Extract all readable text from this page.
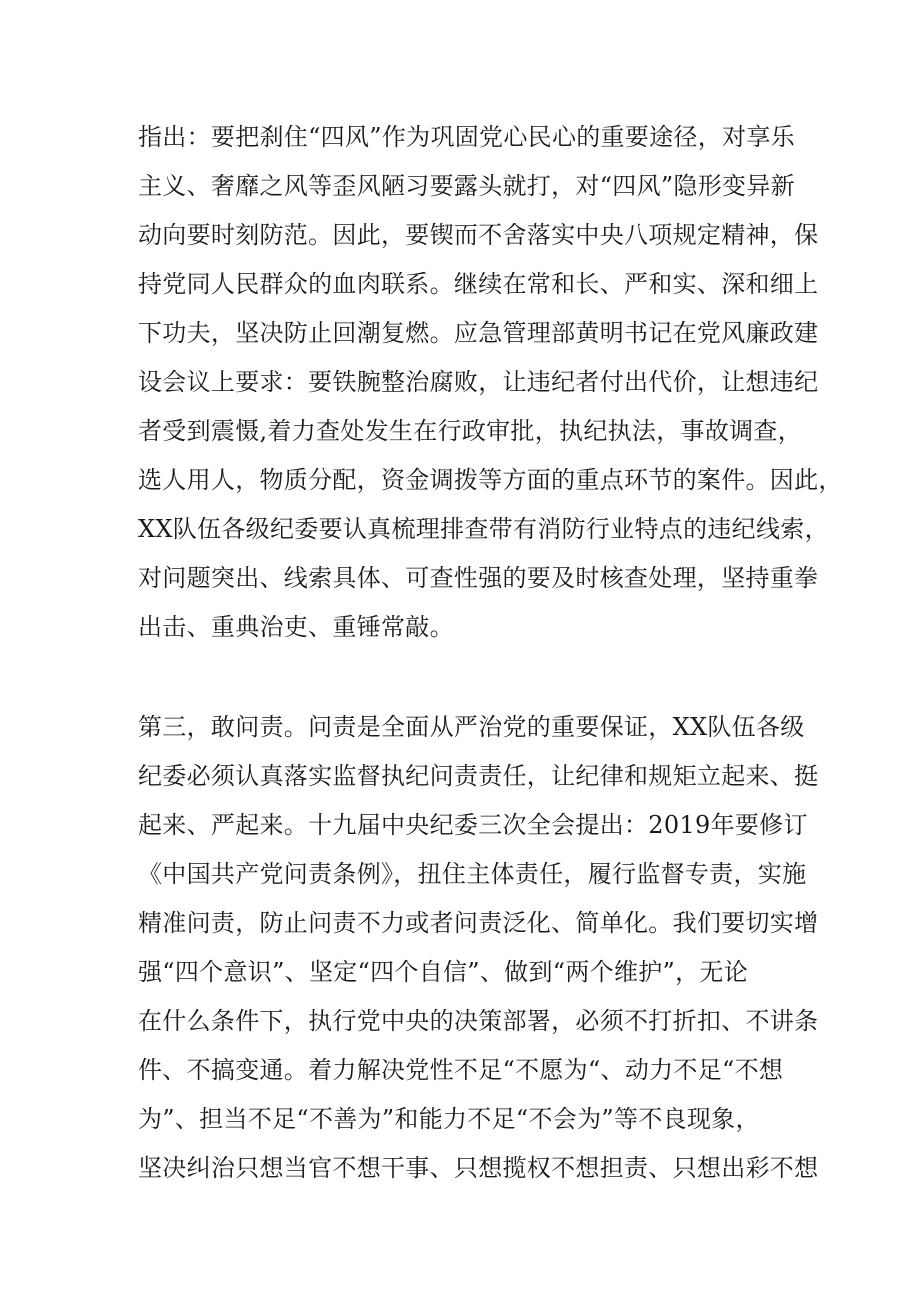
指出：要把刹住“四风”作为巩固党心民心的重要途径，对享乐
主义、奢靡之风等歪风陋习要露头就打，对“四风”隐形变异新
动向要时刻防范。因此，要锲而不舍落实中央八项规定精神，保
持党同人民群众的血肉联系。继续在常和长、严和实、深和细上
下功夫，坚决防止回潮复燃。应急管理部黄明书记在党风廉政建
设会议上要求：要铁腕整治腐败，让违纪者付出代价，让想违纪
者受到震慑,着力查处发生在行政审批，执纪执法，事故调查，
选人用人，物质分配，资金调拨等方面的重点环节的案件。因此，
XX队伍各级纪委要认真梳理排查带有消防行业特点的违纪线索，
对问题突出、线索具体、可查性强的要及时核查处理，坚持重拳
出击、重典治吏、重锤常敲。
第三，敢问责。问责是全面从严治党的重要保证，XX队伍各级
纪委必须认真落实监督执纪问责责任，让纪律和规矩立起来、挺
起来、严起来。十九届中央纪委三次全会提出：2019年要修订
《中国共产党问责条例》，扭住主体责任，履行监督专责，实施
精准问责，防止问责不力或者问责泛化、简单化。我们要切实增
强“四个意识”、坚定“四个自信”、做到“两个维护”，无论
在什么条件下，执行党中央的决策部署，必须不打折扣、不讲条
件、不搞变通。着力解决党性不足“不愿为“、动力不足“不想
为”、担当不足“不善为”和能力不足“不会为”等不良现象，
坚决纠治只想当官不想干事、只想揽权不想担责、只想出彩不想
